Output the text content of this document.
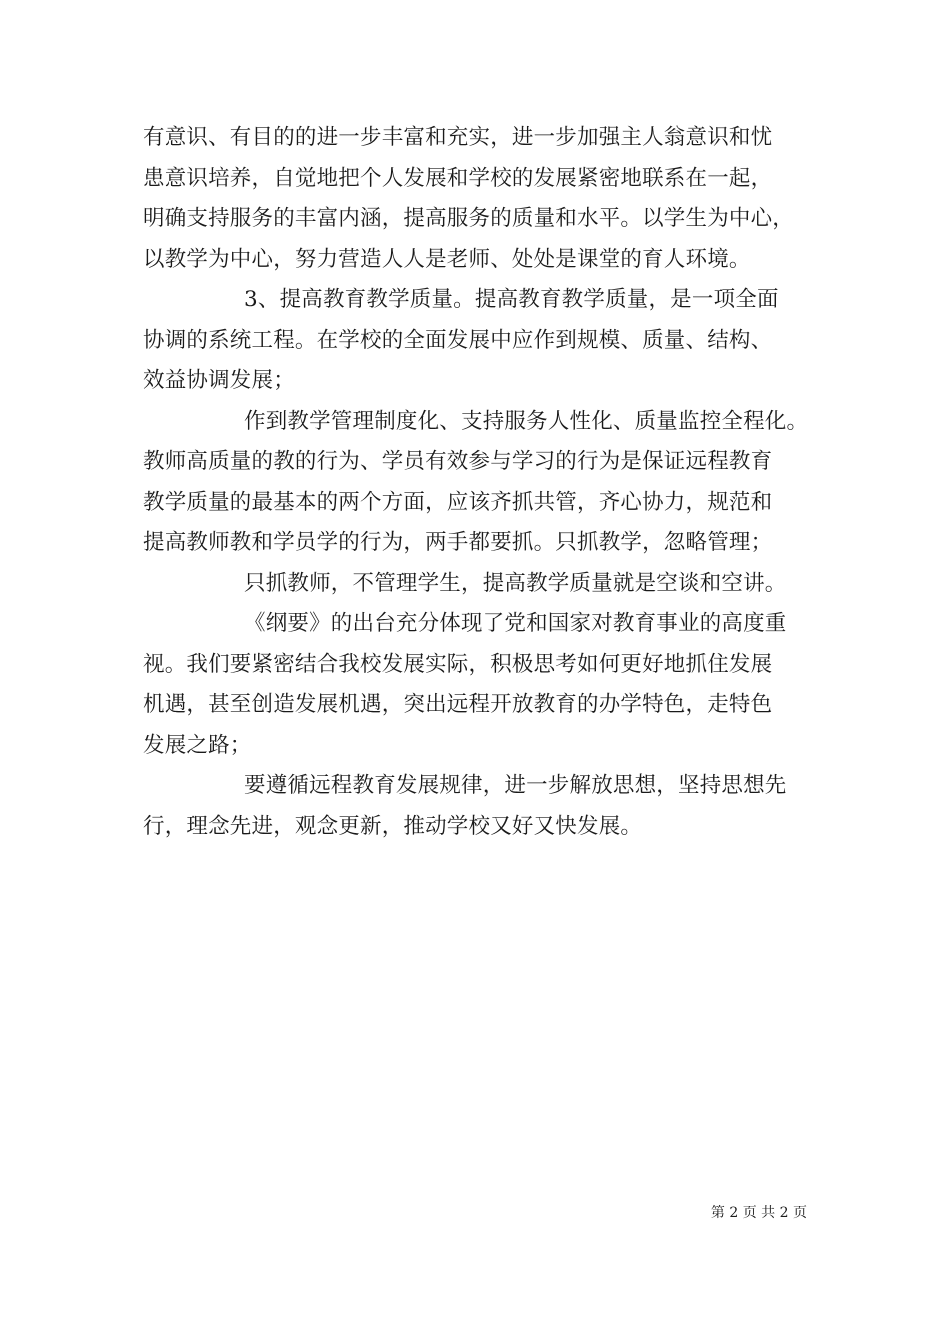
有意识、有目的的进一步丰富和充实，进一步加强主人翁意识和忧
患意识培养，自觉地把个人发展和学校的发展紧密地联系在一起，
明确支持服务的丰富内涵，提高服务的质量和水平。以学生为中心，
以教学为中心，努力营造人人是老师、处处是课堂的育人环境。
3、提高教育教学质量。提高教育教学质量，是一项全面
协调的系统工程。在学校的全面发展中应作到规模、质量、结构、
效益协调发展；
作到教学管理制度化、支持服务人性化、质量监控全程化。
教师高质量的教的行为、学员有效参与学习的行为是保证远程教育
教学质量的最基本的两个方面，应该齐抓共管，齐心协力，规范和
提高教师教和学员学的行为，两手都要抓。只抓教学，忽略管理；
只抓教师，不管理学生，提高教学质量就是空谈和空讲。
《纲要》的出台充分体现了党和国家对教育事业的高度重
视。我们要紧密结合我校发展实际，积极思考如何更好地抓住发展
机遇，甚至创造发展机遇，突出远程开放教育的办学特色，走特色
发展之路；
要遵循远程教育发展规律，进一步解放思想，坚持思想先
行，理念先进，观念更新，推动学校又好又快发展。
第 2 页 共 2 页
